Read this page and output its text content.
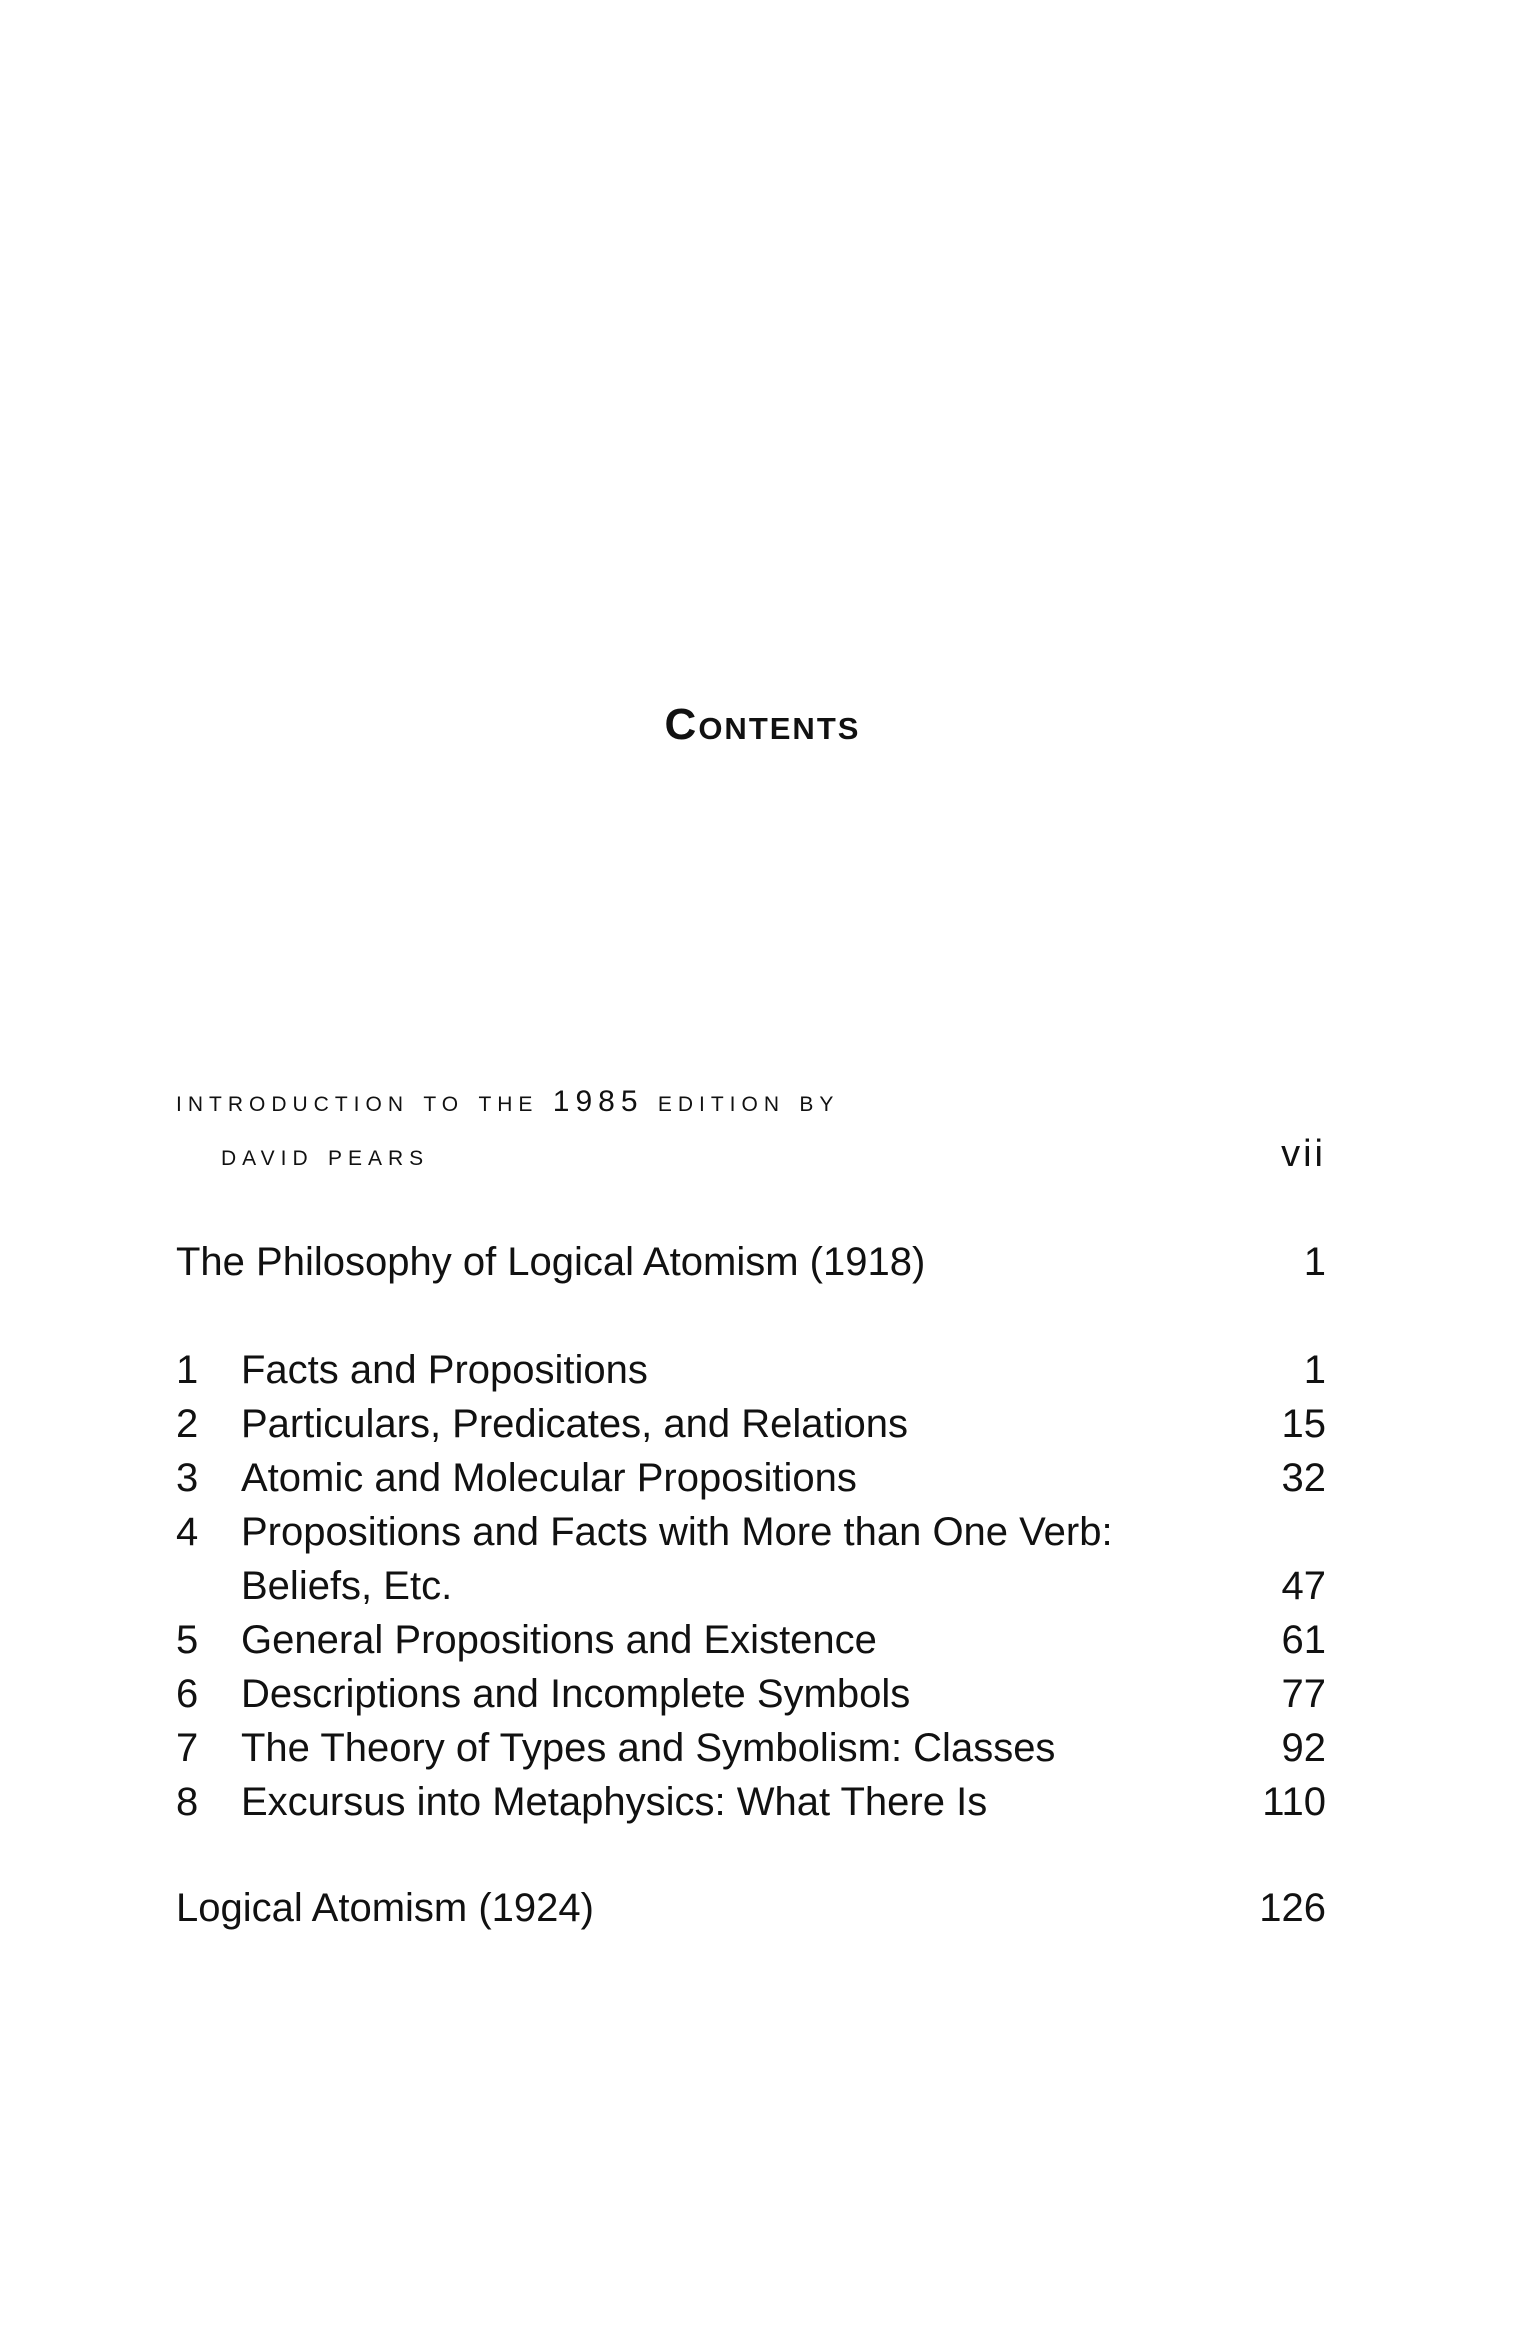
Contents
introduction to the 1985 edition by
david pears	vii
The Philosophy of Logical Atomism (1918)	1
1 Facts and Propositions	1
2 Particulars, Predicates, and Relations	15
3 Atomic and Molecular Propositions	32
4 Propositions and Facts with More than One Verb:
Beliefs, Etc.	47
5 General Propositions and Existence	61
6 Descriptions and Incomplete Symbols	77
7 The Theory of Types and Symbolism: Classes	92
8 Excursus into Metaphysics: What There Is	110
Logical Atomism (1924)	126
